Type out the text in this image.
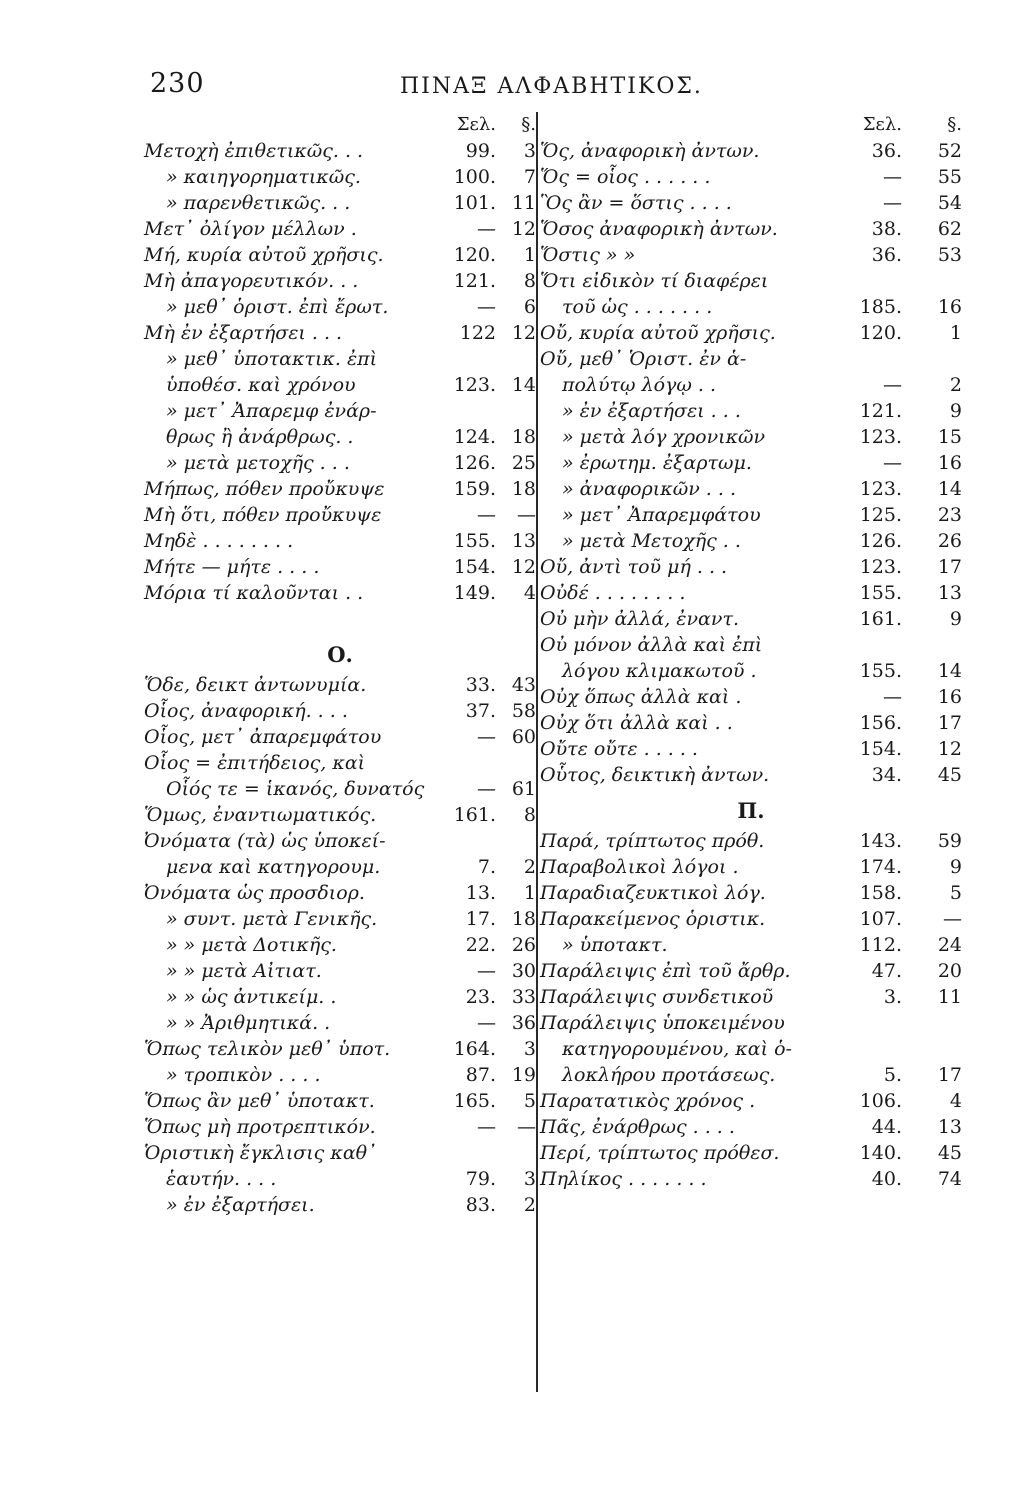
230	ΠΙΝΑΞ ΑΛΦΑΒΗΤΙΚΟΣ.
Σελ.	§.
Μετοχὴ ἐπιθετικῶς. . .	99.	3
» καιηγορηματικῶς.	100.	7
» παρενθετικῶς. . .	101. 11
Μετ᾽ ὀλίγον μέλλων .	— 12
Μή, κυρία αὐτοῦ χρῆσις.	120.	1
Μὴ ἀπαγορευτικόν. . .	121.	8
» μεθ᾽ ὁριστ. ἐπὶ ἔρωτ.	—	6
Μὴ ἐν ἐξαρτήσει . . .	122 12
» μεθ᾽ ὑποτακτικ. ἐπὶ
ὑποθέσ. καὶ χρόνου	123. 14
» μετ᾽ Ἀπαρεμφ ἐνάρ-
θρως ἢ ἀνάρθρως. .	124. 18
» μετὰ μετοχῆς . . .	126. 25
Μήπως, πόθεν προὔκυψε	159. 18
Μὴ ὅτι, πόθεν προὔκυψε	—	—
Μηδὲ . . . . . . . .	155. 13
Μήτε — μήτε . . . .	154. 12
Μόρια τί καλοῦνται . .	149.	4
Ο.
Ὅδε, δεικτ ἀντωνυμία.	33. 43
Οἷος, ἀναφορική. . . .	37. 58
Οἷος, μετ᾽ ἀπαρεμφάτου	— 60
Οἷος = ἐπιτήδειος, καὶ
Οἷός τε = ἱκανός, δυνατός	— 61
Ὅμως, ἐναντιωματικός.	161.	8
Ὀνόματα (τὰ) ὡς ὑποκεί-
μενα καὶ κατηγορουμ.	7.	2
Ὀνόματα ὡς προσδιορ.	13.	1
» συντ. μετὰ Γενικῆς.	17. 18
» » μετὰ Δοτικῆς.	22. 26
» » μετὰ Αἰτιατ.	— 30
» » ὡς ἀντικείμ. .	23. 33
» » Ἀριθμητικά. .	— 36
Ὅπως τελικὸν μεθ᾽ ὑποτ.	164.	3
» τροπικὸν . . . .	87. 19
Ὅπως ἂν μεθ᾽ ὑποτακτ.	165.	5
Ὅπως μὴ προτρεπτικόν.	—	—
Ὁριστικὴ ἔγκλισις καθ᾽
ἑαυτήν. . . .	79.	3
» ἐν ἐξαρτήσει.	83.	2
Σελ.	§.
Ὅς, ἀναφορικὴ ἀντων.	36.	52
Ὅς = οἷος . . . . . .	—	55
Ὃς ἂν = ὅστις . . . .	—	54
Ὅσος ἀναφορικὴ ἀντων.	38.	62
Ὅστις » »	36.	53
Ὅτι εἰδικὸν τί διαφέρει
τοῦ ὡς . . . . . . .	185.	16
Οὔ, κυρία αὐτοῦ χρῆσις.	120.	1
Οὔ, μεθ᾽ Ὁριστ. ἐν ἁ-
πολύτῳ λόγῳ . .	—	2
» ἐν ἐξαρτήσει . . .	121.	9
» μετὰ λόγ χρονικῶν	123.	15
» ἐρωτημ. ἐξαρτωμ.	—	16
» ἀναφορικῶν . . .	123.	14
» μετ᾽ Ἀπαρεμφάτου	125.	23
» μετὰ Μετοχῆς . .	126.	26
Οὔ, ἀντὶ τοῦ μή . . .	123.	17
Οὐδέ . . . . . . . .	155.	13
Οὐ μὴν ἀλλά, ἐναντ.	161.	9
Οὐ μόνον ἀλλὰ καὶ ἐπὶ
λόγου κλιμακωτοῦ .	155.	14
Οὐχ ὅπως ἀλλὰ καὶ .	—	16
Οὐχ ὅτι ἀλλὰ καὶ . .	156.	17
Οὔτε οὔτε . . . . .	154.	12
Οὗτος, δεικτικὴ ἀντων.	34.	45
Π.
Παρά, τρίπτωτος πρόθ.	143.	59
Παραβολικοὶ λόγοι .	174.	9
Παραδιαζευκτικοὶ λόγ.	158.	5
Παρακείμενος ὁριστικ.	107.	—
» ὑποτακτ.	112.	24
Παράλειψις ἐπὶ τοῦ ἄρθρ.	47.	20
Παράλειψις συνδετικοῦ	3.	11
Παράλειψις ὑποκειμένου
κατηγορουμένου, καὶ ὁ-
λοκλήρου προτάσεως.	5.	17
Παρατατικὸς χρόνος .	106.	4
Πᾶς, ἐνάρθρως . . . .	44.	13
Περί, τρίπτωτος πρόθεσ.	140.	45
Πηλίκος . . . . . . .	40.	74
